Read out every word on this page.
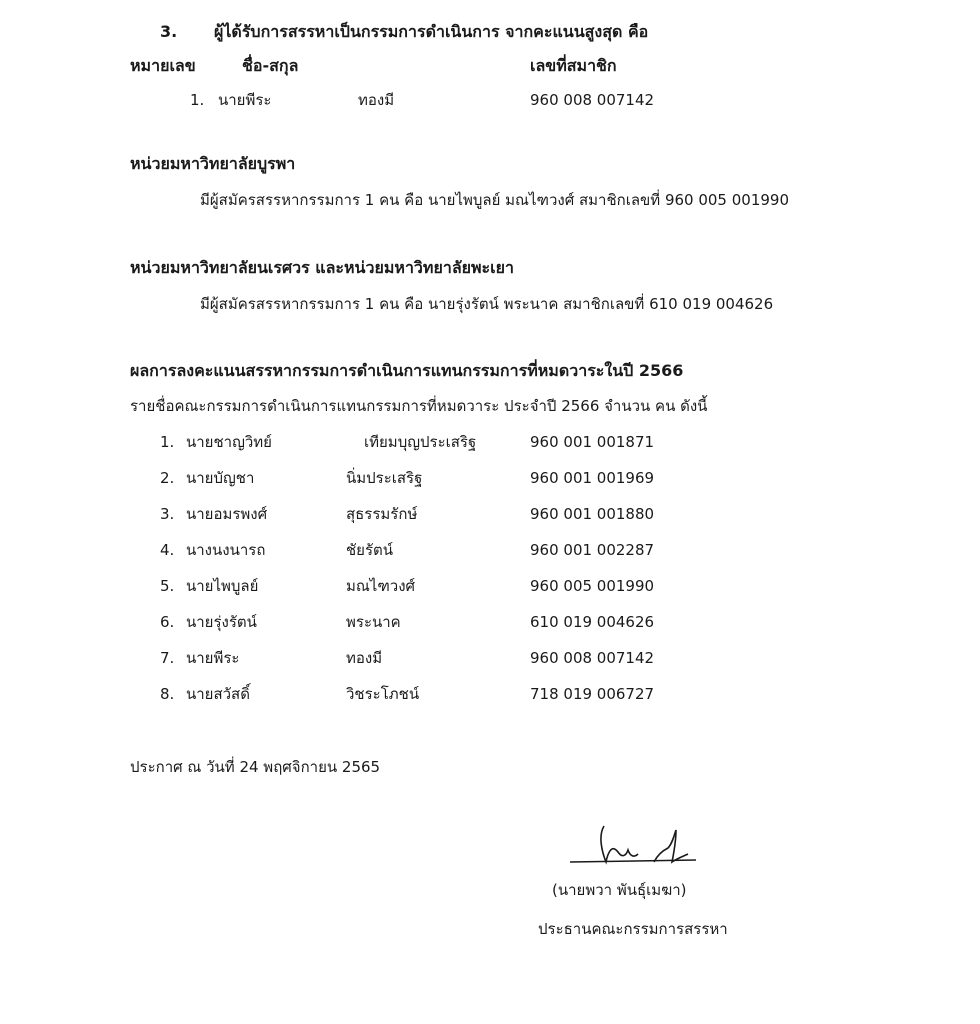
3. ผู้ได้รับการสรรหาเป็นกรรมการดำเนินการ จากคะแนนสูงสุด คือ
หมายเลข	ชื่อ-สกุล	เลขที่สมาชิก
1. นายพีระ	ทองมี	960 008 007142
หน่วยมหาวิทยาลัยบูรพา
มีผู้สมัครสรรหากรรมการ 1 คน คือ นายไพบูลย์ มณไฑวงศ์ สมาชิกเลขที่ 960 005 001990
หน่วยมหาวิทยาลัยนเรศวร และหน่วยมหาวิทยาลัยพะเยา
มีผู้สมัครสรรหากรรมการ 1 คน คือ นายรุ่งรัตน์ พระนาค สมาชิกเลขที่ 610 019 004626
ผลการลงคะแนนสรรหากรรมการดำเนินการแทนกรรมการที่หมดวาระในปี 2566
รายชื่อคณะกรรมการดำเนินการแทนกรรมการที่หมดวาระ ประจำปี 2566 จำนวน คน ดังนี้
1. นายชาญวิทย์	เทียมบุญประเสริฐ	960 001 001871
2. นายบัญชา	นิ่มประเสริฐ	960 001 001969
3. นายอมรพงศ์	สุธรรมรักษ์	960 001 001880
4. นางนงนารถ	ชัยรัตน์	960 001 002287
5. นายไพบูลย์	มณไฑวงศ์	960 005 001990
6. นายรุ่งรัตน์	พระนาค	610 019 004626
7. นายพีระ	ทองมี	960 008 007142
8. นายสวัสดิ์	วิชระโภชน์	718 019 006727
ประกาศ ณ วันที่ 24 พฤศจิกายน 2565
(นายพวา พันธุ์เมฆา)
ประธานคณะกรรมการสรรหา
